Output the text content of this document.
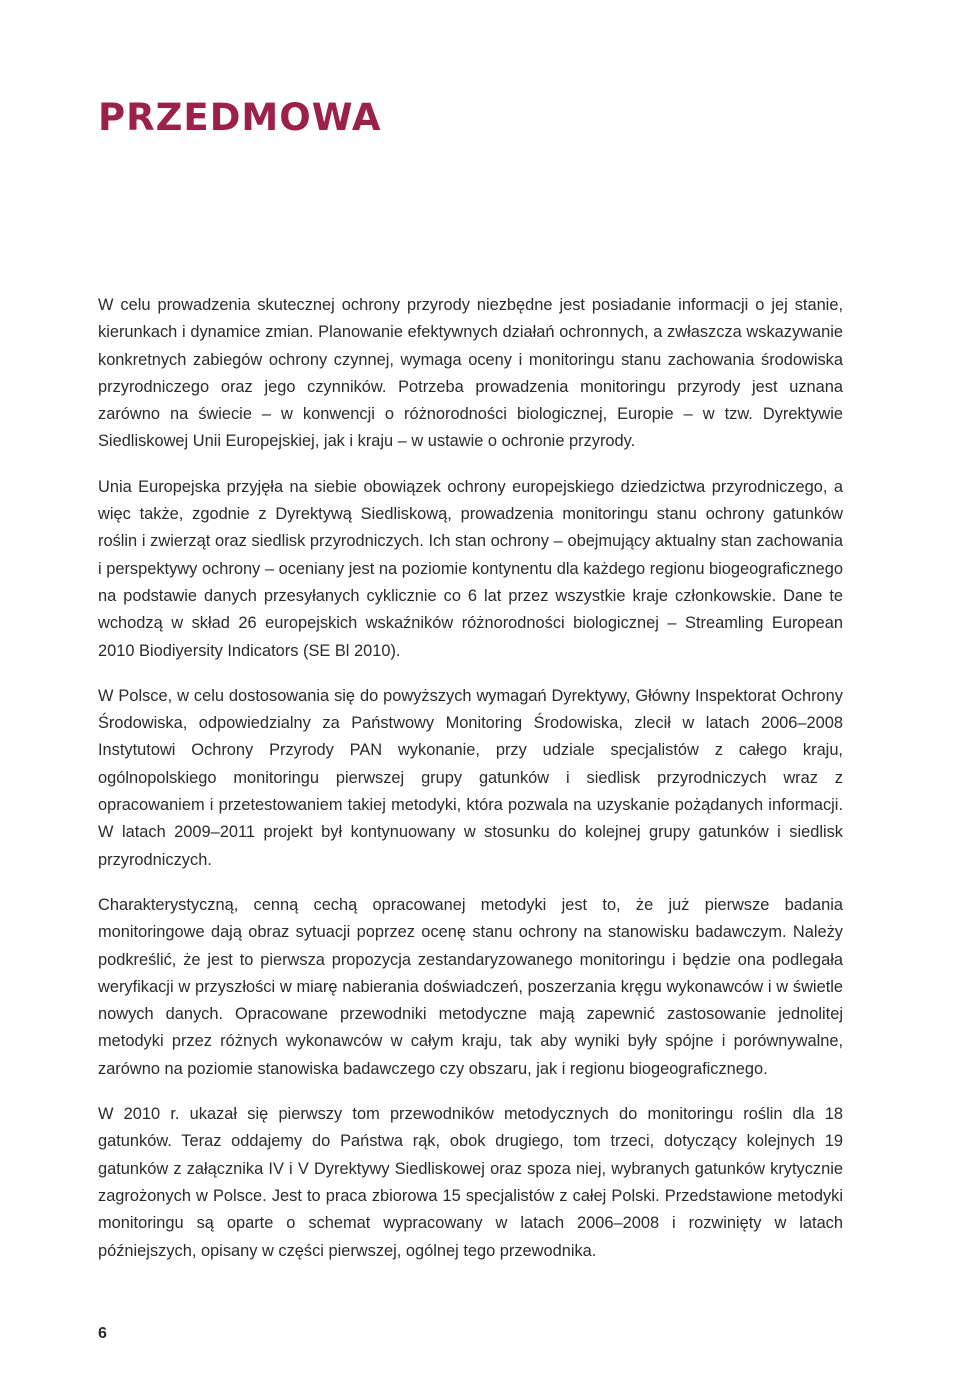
PRZEDMOWA

W celu prowadzenia skutecznej ochrony przyrody niezbędne jest posiadanie informacji o jej stanie, kierunkach i dynamice zmian. Planowanie efektywnych działań ochronnych, a zwłaszcza wskazywanie konkretnych zabiegów ochrony czynnej, wymaga oceny i monitoringu stanu zachowania środowiska przyrodniczego oraz jego czynników. Potrzeba prowadzenia monitoringu przyrody jest uznana zarówno na świecie – w konwencji o różnorodności biologicznej, Europie – w tzw. Dyrektywie Siedliskowej Unii Europejskiej, jak i kraju – w ustawie o ochronie przyrody.

Unia Europejska przyjęła na siebie obowiązek ochrony europejskiego dziedzictwa przyrodniczego, a więc także, zgodnie z Dyrektywą Siedliskową, prowadzenia monitoringu stanu ochrony gatunków roślin i zwierząt oraz siedlisk przyrodniczych. Ich stan ochrony – obejmujący aktualny stan zachowania i perspektywy ochrony – oceniany jest na poziomie kontynentu dla każdego regionu biogeograficznego na podstawie danych przesyłanych cyklicznie co 6 lat przez wszystkie kraje członkowskie. Dane te wchodzą w skład 26 europejskich wskaźników różnorodności biologicznej – Streamling European 2010 Biodiyersity Indicators (SE Bl 2010).

W Polsce, w celu dostosowania się do powyższych wymagań Dyrektywy, Główny Inspektorat Ochrony Środowiska, odpowiedzialny za Państwowy Monitoring Środowiska, zlecił w latach 2006–2008 Instytutowi Ochrony Przyrody PAN wykonanie, przy udziale specjalistów z całego kraju, ogólnopolskiego monitoringu pierwszej grupy gatunków i siedlisk przyrodniczych wraz z opracowaniem i przetestowaniem takiej metodyki, która pozwala na uzyskanie pożądanych informacji. W latach 2009–2011 projekt był kontynuowany w stosunku do kolejnej grupy gatunków i siedlisk przyrodniczych.

Charakterystyczną, cenną cechą opracowanej metodyki jest to, że już pierwsze badania monitoringowe dają obraz sytuacji poprzez ocenę stanu ochrony na stanowisku badawczym. Należy podkreślić, że jest to pierwsza propozycja zestandaryzowanego monitoringu i będzie ona podlegała weryfikacji w przyszłości w miarę nabierania doświadczeń, poszerzania kręgu wykonawców i w świetle nowych danych. Opracowane przewodniki metodyczne mają zapewnić zastosowanie jednolitej metodyki przez różnych wykonawców w całym kraju, tak aby wyniki były spójne i porównywalne, zarówno na poziomie stanowiska badawczego czy obszaru, jak i regionu biogeograficznego.

W 2010 r. ukazał się pierwszy tom przewodników metodycznych do monitoringu roślin dla 18 gatunków. Teraz oddajemy do Państwa rąk, obok drugiego, tom trzeci, dotyczący kolejnych 19 gatunków z załącznika IV i V Dyrektywy Siedliskowej oraz spoza niej, wybranych gatunków krytycznie zagrożonych w Polsce. Jest to praca zbiorowa 15 specjalistów z całej Polski. Przedstawione metodyki monitoringu są oparte o schemat wypracowany w latach 2006–2008 i rozwinięty w latach późniejszych, opisany w części pierwszej, ogólnej tego przewodnika.

6
